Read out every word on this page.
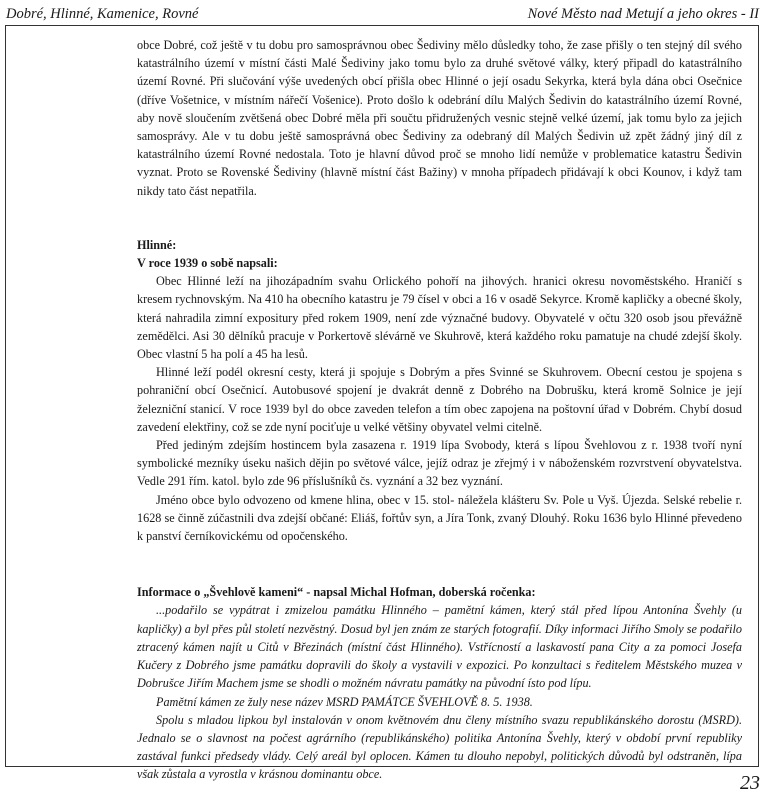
Dobré, Hlinné, Kamenice, Rovné	Nové Město nad Metují a jeho okres - II

obce Dobré, což ještě v tu dobu pro samosprávnou obec Šediviny mělo důsledky toho, že zase přišly o ten stejný díl svého katastrálního území v místní části Malé Šediviny jako tomu bylo za druhé světové války, který připadl do katastrálního území Rovné. Při slučování výše uvedených obcí přišla obec Hlinné o její osadu Sekyrka, která byla dána obci Osečnice (dříve Vošetnice, v místním nářečí Vošenice). Proto došlo k odebrání dílu Malých Šedivin do katastrálního území Rovné, aby nově sloučením zvětšená obec Dobré měla při součtu přidružených vesnic stejně velké území, jak tomu bylo za jejich samosprávy. Ale v tu dobu ještě samosprávná obec Šediviny za odebraný díl Malých Šedivin už zpět žádný jiný díl z katastrálního území Rovné nedostala. Toto je hlavní důvod proč se mnoho lidí nemůže v problematice katastru Šedivin vyznat. Proto se Rovenské Šediviny (hlavně místní část Bažiny) v mnoha případech přidávají k obci Kounov, i když tam nikdy tato část nepatřila.

Hlinné:

V roce 1939 o sobě napsali:

Obec Hlinné leží na jihozápadním svahu Orlického pohoří na jihových. hranici okresu novoměstského. Hraničí s kresem rychnovským. Na 410 ha obecního katastru je 79 čísel v obci a 16 v osadě Sekyrce. Kromě kapličky a obecné školy, která nahradila zimní expositury před rokem 1909, není zde význačné budovy. Obyvatelé v očtu 320 osob jsou převážně zemědělci. Asi 30 dělníků pracuje v Porkertově slévárně ve Skuhrově, která každého roku pamatuje na chudé zdejší školy. Obec vlastní 5 ha polí a 45 ha lesů.

Hlinné leží podél okresní cesty, která ji spojuje s Dobrým a přes Svinné se Skuhrovem. Obecní cestou je spojena s pohraniční obcí Osečnicí. Autobusové spojení je dvakrát denně z Dobrého na Dobrušku, která kromě Solnice je její železniční stanicí. V roce 1939 byl do obce zaveden telefon a tím obec zapojena na poštovní úřad v Dobrém. Chybí dosud zavedení elektřiny, což se zde nyní pociťuje u velké většiny obyvatel velmi citelně.

Před jediným zdejším hostincem byla zasazena r. 1919 lípa Svobody, která s lípou Švehlovou z r. 1938 tvoří nyní symbolické mezníky úseku našich dějin po světové válce, jejíž odraz je zřejmý i v náboženském rozvrstvení obyvatelstva. Vedle 291 řím. katol. bylo zde 96 příslušníků čs. vyznání a 32 bez vyznání.

Jméno obce bylo odvozeno od kmene hlina, obec v 15. stol- náležela klášteru Sv. Pole u Vyš. Újezda. Selské rebelie r. 1628 se činně zúčastnili dva zdejší občané: Eliáš, fořtův syn, a Jíra Tonk, zvaný Dlouhý. Roku 1636 bylo Hlinné převedeno k panství černíkovickému od opočenského.

Informace o „Švehlově kameni“ - napsal Michal Hofman, doberská ročenka:

...podařilo se vypátrat i zmizelou památku Hlinného – pamětní kámen, který stál před lípou Antonína Švehly (u kapličky) a byl přes půl století nezvěstný. Dosud byl jen znám ze starých fotografií. Díky informaci Jiřího Smoly se podařilo ztracený kámen najít u Citů v Březinách (místní část Hlinného). Vstřícností a laskavostí pana City a za pomoci Josefa Kučery z Dobrého jsme památku dopravili do školy a vystavili v expozici. Po konzultaci s ředitelem Městského muzea v Dobrušce Jiřím Machem jsme se shodli o možném návratu památky na původní ísto pod lípu.

Pamětní kámen ze žuly nese název MSRD PAMÁTCE ŠVEHLOVĚ 8. 5. 1938.

Spolu s mladou lipkou byl instalován v onom květnovém dnu členy místního svazu republikánského dorostu (MSRD). Jednalo se o slavnost na počest agrárního (republikánského) politika Antonína Švehly, který v období první republiky zastával funkci předsedy vlády. Celý areál byl oplocen. Kámen tu dlouho nepobyl, politických důvodů byl odstraněn, lípa však zůstala a vyrostla v krásnou dominantu obce.	23
